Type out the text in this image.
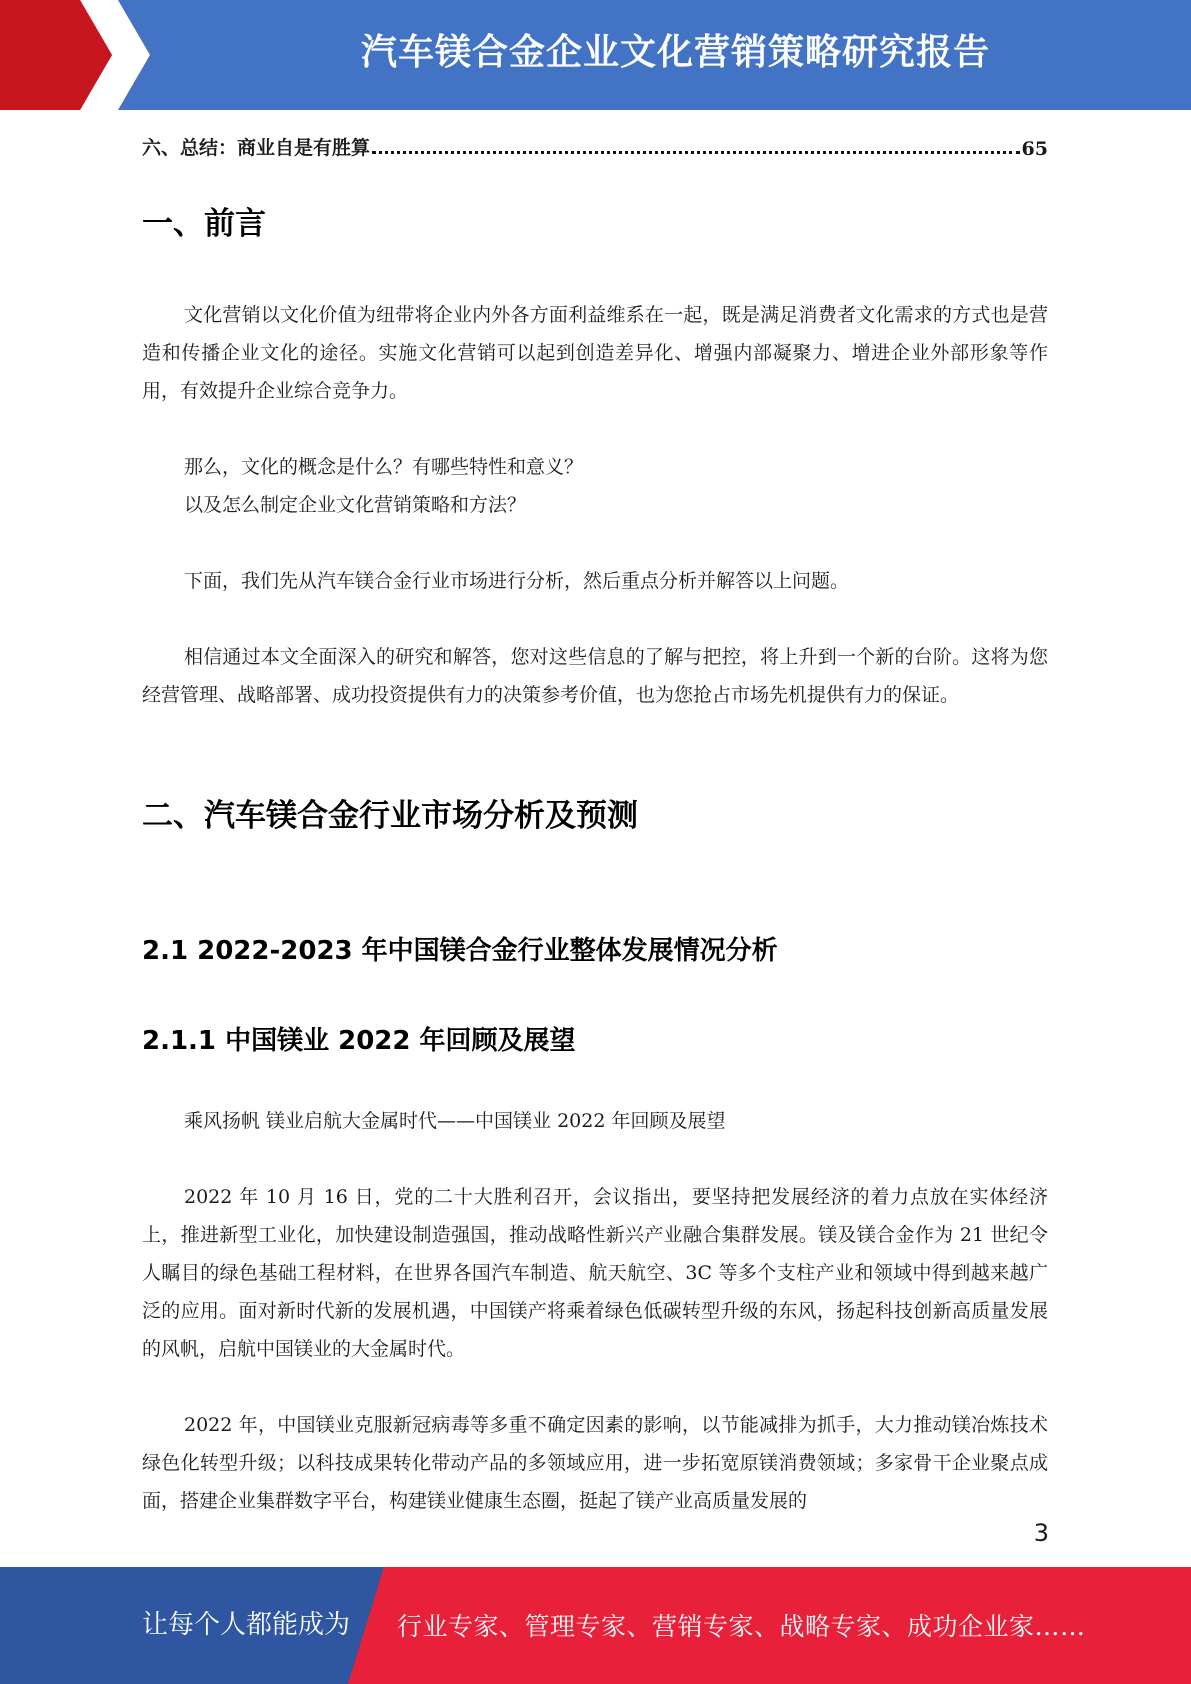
汽车镁合金企业文化营销策略研究报告
六、总结：商业自是有胜算	65
一、前言

文化营销以文化价值为纽带将企业内外各方面利益维系在一起，既是满足消费者文化需求的方式也是营造和传播企业文化的途径。实施文化营销可以起到创造差异化、增强内部凝聚力、增进企业外部形象等作用，有效提升企业综合竞争力。

那么，文化的概念是什么？有哪些特性和意义？

以及怎么制定企业文化营销策略和方法？

下面，我们先从汽车镁合金行业市场进行分析，然后重点分析并解答以上问题。

相信通过本文全面深入的研究和解答，您对这些信息的了解与把控，将上升到一个新的台阶。这将为您经营管理、战略部署、成功投资提供有力的决策参考价值，也为您抢占市场先机提供有力的保证。

二、汽车镁合金行业市场分析及预测
2.1 2022-2023 年中国镁合金行业整体发展情况分析
2.1.1 中国镁业 2022 年回顾及展望

乘风扬帆 镁业启航大金属时代——中国镁业 2022 年回顾及展望

2022 年 10 月 16 日，党的二十大胜利召开，会议指出，要坚持把发展经济的着力点放在实体经济上，推进新型工业化，加快建设制造强国，推动战略性新兴产业融合集群发展。镁及镁合金作为 21 世纪令人瞩目的绿色基础工程材料，在世界各国汽车制造、航天航空、3C 等多个支柱产业和领域中得到越来越广泛的应用。面对新时代新的发展机遇，中国镁产将乘着绿色低碳转型升级的东风，扬起科技创新高质量发展的风帆，启航中国镁业的大金属时代。

2022 年，中国镁业克服新冠病毒等多重不确定因素的影响，以节能减排为抓手，大力推动镁冶炼技术绿色化转型升级；以科技成果转化带动产品的多领域应用，进一步拓宽原镁消费领域；多家骨干企业聚点成面，搭建企业集群数字平台，构建镁业健康生态圈，挺起了镁产业高质量发展的

3
让每个人都能成为 行业专家、管理专家、营销专家、战略专家、成功企业家……
